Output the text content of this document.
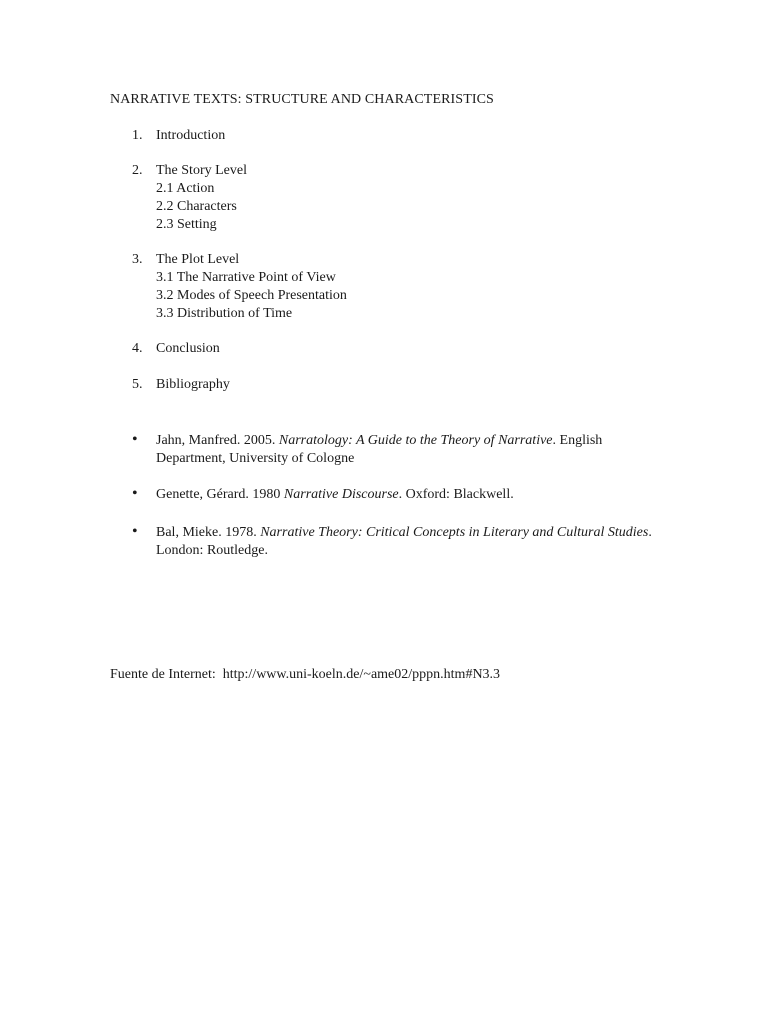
NARRATIVE TEXTS: STRUCTURE AND CHARACTERISTICS
1. Introduction
2. The Story Level
2.1 Action
2.2 Characters
2.3 Setting
3. The Plot Level
3.1 The Narrative Point of View
3.2 Modes of Speech Presentation
3.3 Distribution of Time
4. Conclusion
5. Bibliography
• Jahn, Manfred. 2005. Narratology: A Guide to the Theory of Narrative. English Department, University of Cologne
• Genette, Gérard. 1980 Narrative Discourse. Oxford: Blackwell.
• Bal, Mieke. 1978. Narrative Theory: Critical Concepts in Literary and Cultural Studies. London: Routledge.
Fuente de Internet: http://www.uni-koeln.de/~ame02/pppn.htm#N3.3
